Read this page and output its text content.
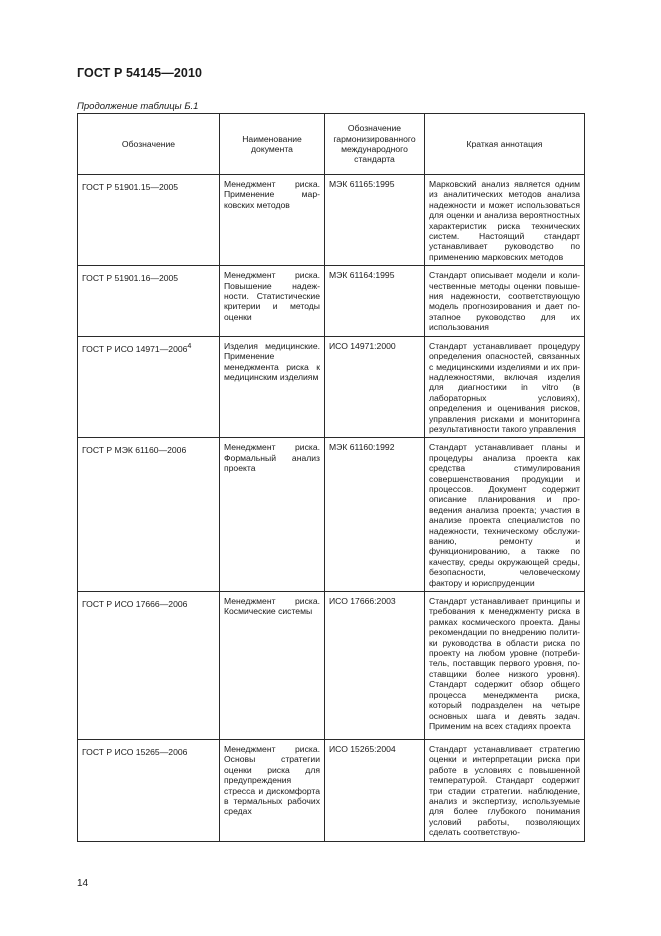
ГОСТ Р 54145—2010
Продолжение таблицы Б.1
Обозначение	Наименование документа	Обозначение гармонизированного международного стандарта	Краткая аннотация
ГОСТ Р 51901.15—2005	Менеджмент риска. Применение марковских методов	МЭК 61165:1995	Марковский анализ является одним из аналитических методов анализа надежности и может использоваться для оценки и анализа вероятностных характеристик риска технических систем. Настоящий стандарт устанавливает руководство по применению марковских методов
ГОСТ Р 51901.16—2005	Менеджмент риска. Повышение надежности. Статистические критерии и методы оценки	МЭК 61164:1995	Стандарт описывает модели и количественные методы оценки повышения надежности, соответствующую модель прогнозирования и дает поэтапное руководство для их использования
ГОСТ Р ИСО 14971—2006$^4$	Изделия медицинские. Применение менеджмента риска к медицинским изделиям	ИСО 14971:2000	Стандарт устанавливает процедуру определения опасностей, связанных с медицинскими изделиями и их принадлежностями, включая изделия для диагностики in vitro (в лабораторных условиях), определения и оценивания рисков, управления рисками и мониторинга результативности такого управления
ГОСТ Р МЭК 61160—2006	Менеджмент риска. Формальный анализ проекта	МЭК 61160:1992	Стандарт устанавливает планы и процедуры анализа проекта как средства стимулирования совершенствования продукции и процессов. Документ содержит описание планирования и проведения анализа проекта; участия в анализе проекта специалистов по надежности, техническому обслуживанию, ремонту и функционированию, а также по качеству, среды окружающей среды, безопасности, человеческому фактору и юриспруденции
ГОСТ Р ИСО 17666—2006	Менеджмент риска. Космические системы	ИСО 17666:2003	Стандарт устанавливает принципы и требования к менеджменту риска в рамках космического проекта. Даны рекомендации по внедрению политики руководства в области риска по проекту на любом уровне (потребитель, поставщик первого уровня, поставщики более низкого уровня). Стандарт содержит обзор общего процесса менеджмента риска, который подразделен на четыре основных шага и девять задач. Применим на всех стадиях проекта
ГОСТ Р ИСО 15265—2006	Менеджмент риска. Основы стратегии оценки риска для предупреждения стресса и дискомфорта в термальных рабочих средах	ИСО 15265:2004	Стандарт устанавливает стратегию оценки и интерпретации риска при работе в условиях с повышенной температурой. Стандарт содержит три стадии стратегии. наблюдение, анализ и экспертизу, используемые для более глубокого понимания условий работы, позволяющих сделать соответствую-
14
